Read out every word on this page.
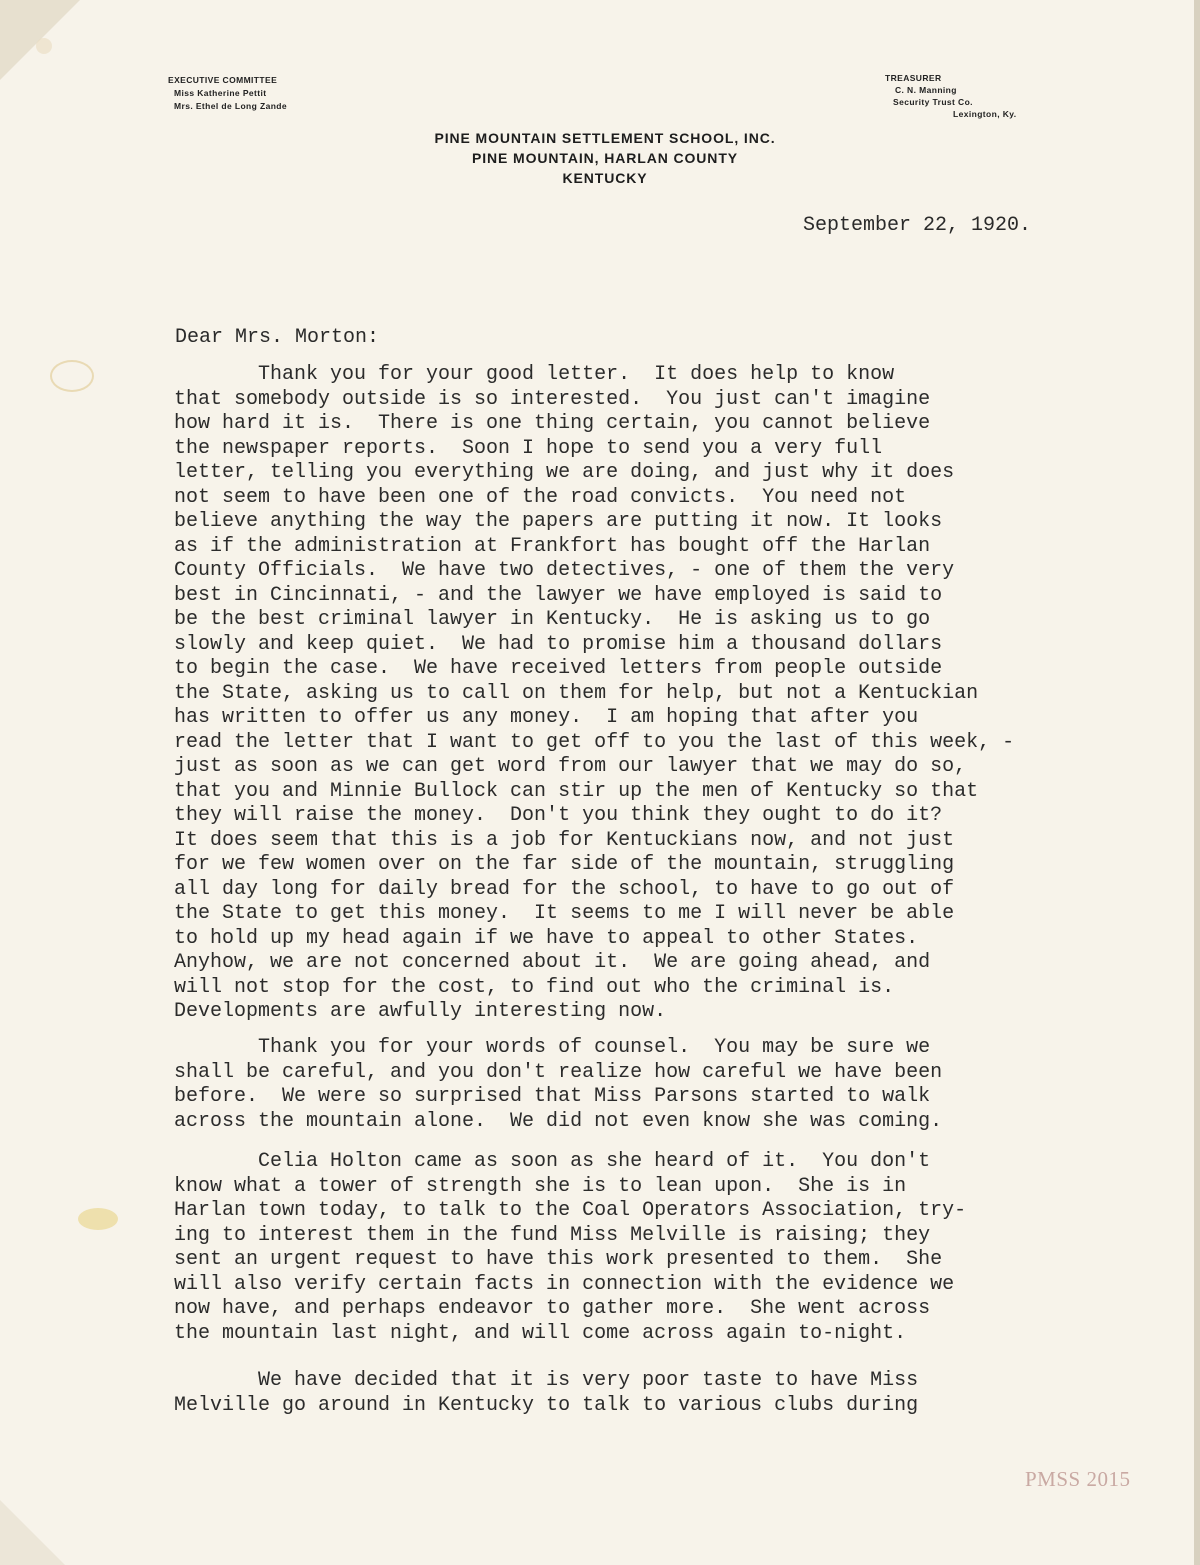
EXECUTIVE COMMITTEE
Miss Katherine Pettit
Mrs. Ethel de Long Zande
TREASURER
C. N. Manning
Security Trust Co.
Lexington, Ky.
PINE MOUNTAIN SETTLEMENT SCHOOL, INC.
PINE MOUNTAIN, HARLAN COUNTY
KENTUCKY
September 22, 1920.
Dear Mrs. Morton:
Thank you for your good letter.  It does help to know
that somebody outside is so interested.  You just can't imagine
how hard it is.  There is one thing certain, you cannot believe
the newspaper reports.  Soon I hope to send you a very full
letter, telling you everything we are doing, and just why it does
not seem to have been one of the road convicts.  You need not
believe anything the way the papers are putting it now. It looks
as if the administration at Frankfort has bought off the Harlan
County Officials.  We have two detectives, - one of them the very
best in Cincinnati, - and the lawyer we have employed is said to
be the best criminal lawyer in Kentucky.  He is asking us to go
slowly and keep quiet.  We had to promise him a thousand dollars
to begin the case.  We have received letters from people outside
the State, asking us to call on them for help, but not a Kentuckian
has written to offer us any money.  I am hoping that after you
read the letter that I want to get off to you the last of this week, -
just as soon as we can get word from our lawyer that we may do so,
that you and Minnie Bullock can stir up the men of Kentucky so that
they will raise the money.  Don't you think they ought to do it?
It does seem that this is a job for Kentuckians now, and not just
for we few women over on the far side of the mountain, struggling
all day long for daily bread for the school, to have to go out of
the State to get this money.  It seems to me I will never be able
to hold up my head again if we have to appeal to other States.
Anyhow, we are not concerned about it.  We are going ahead, and
will not stop for the cost, to find out who the criminal is.
Developments are awfully interesting now.
Thank you for your words of counsel.  You may be sure we
shall be careful, and you don't realize how careful we have been
before.  We were so surprised that Miss Parsons started to walk
across the mountain alone.  We did not even know she was coming.
Celia Holton came as soon as she heard of it.  You don't
know what a tower of strength she is to lean upon.  She is in
Harlan town today, to talk to the Coal Operators Association, try-
ing to interest them in the fund Miss Melville is raising; they
sent an urgent request to have this work presented to them.  She
will also verify certain facts in connection with the evidence we
now have, and perhaps endeavor to gather more.  She went across
the mountain last night, and will come across again to-night.
We have decided that it is very poor taste to have Miss
Melville go around in Kentucky to talk to various clubs during
PMSS 2015
